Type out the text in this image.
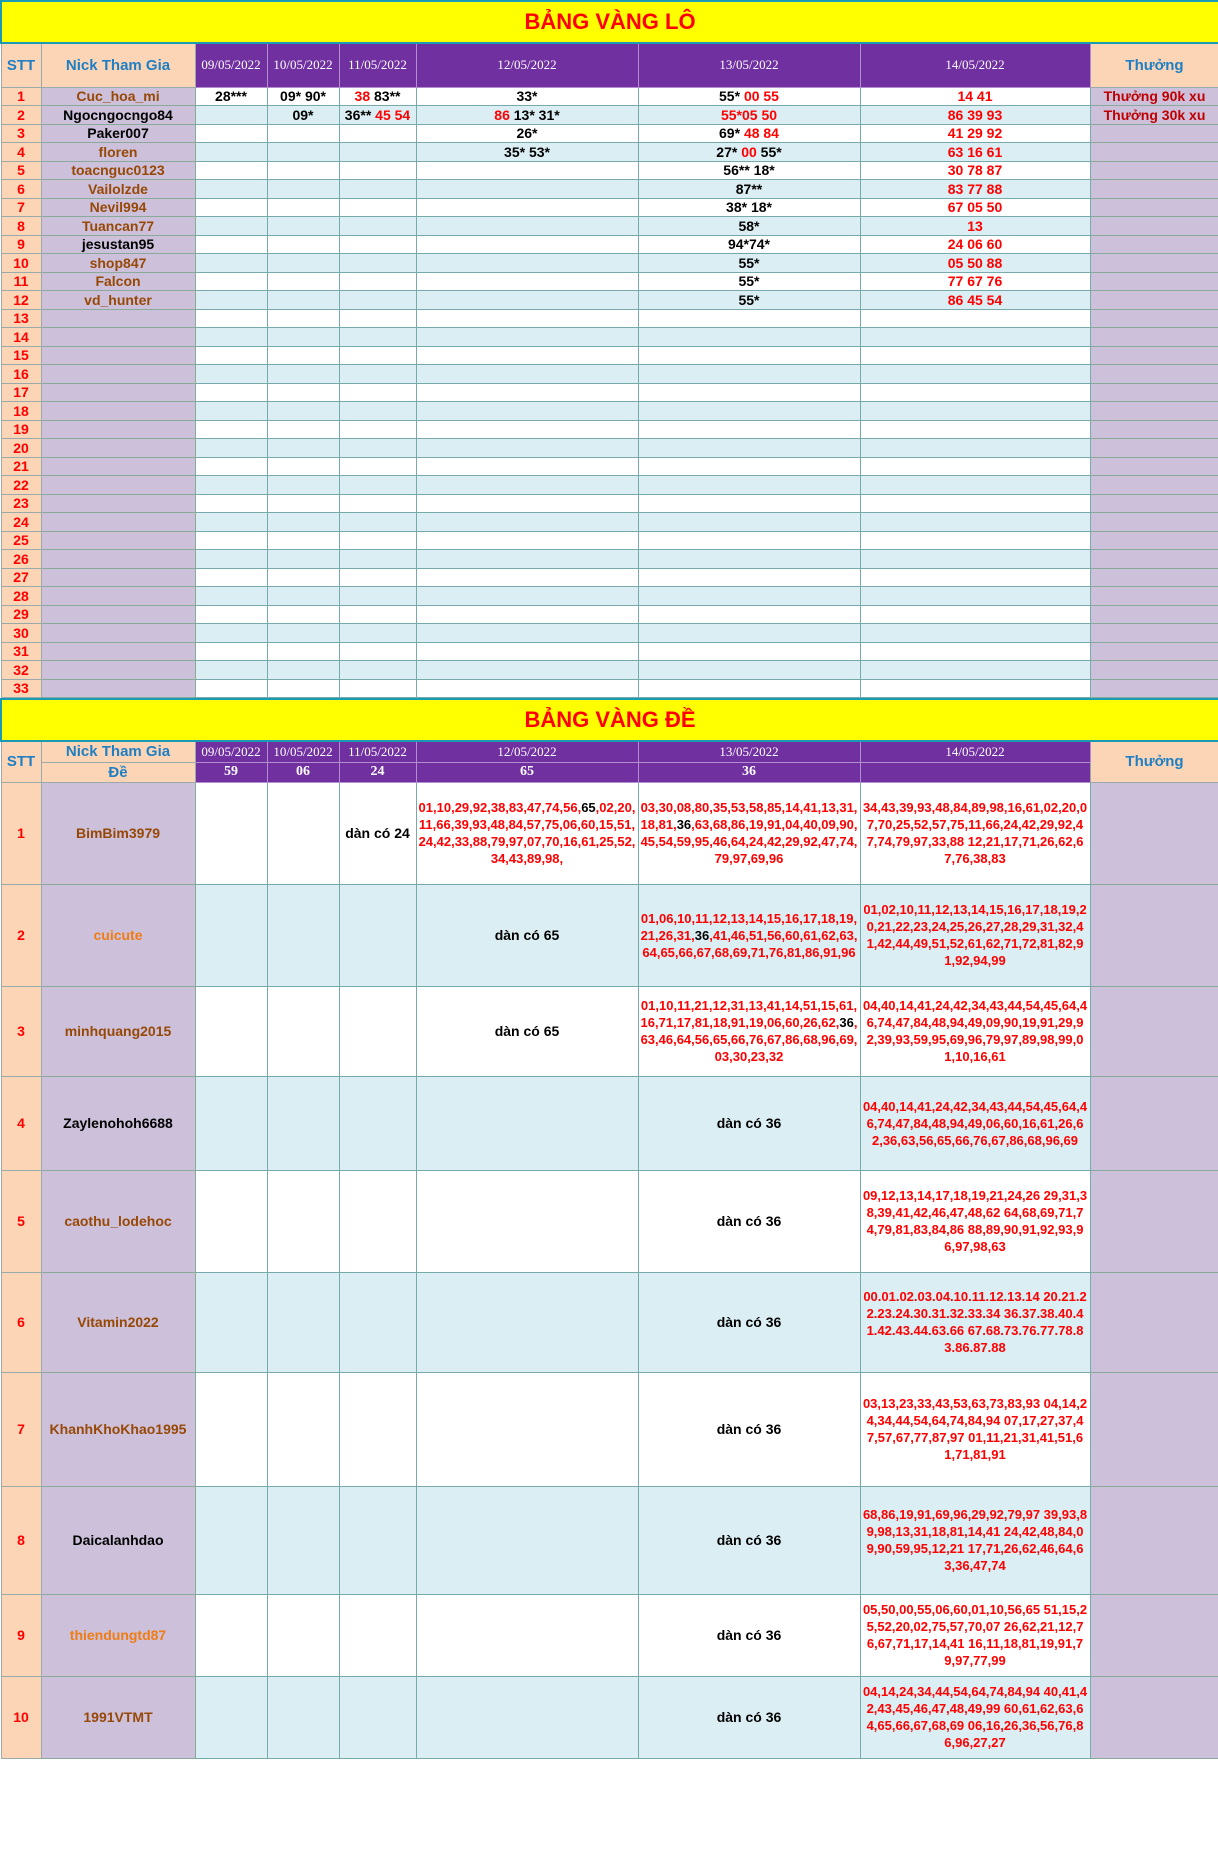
BẢNG VÀNG LÔ								
STT	Nick Tham Gia	09/05/2022	10/05/2022	11/05/2022	12/05/2022	13/05/2022	14/05/2022	Thưởng
1	Cuc_hoa_mi	28***	09* 90*	38 83**	33*	55* 00 55	14 41	Thưởng 90k xu
2	Ngocngocngo84		09*	36** 45 54	86 13* 31*	55*05 50	86 39 93	Thưởng 30k xu
3	Paker007				26*	69* 48 84	41 29 92	
4	floren				35* 53*	27* 00 55*	63 16 61	
5	toacnguc0123					56** 18*	30 78 87	
6	Vailolzde					87**	83 77 88	
7	Nevil994					38* 18*	67 05 50	
8	Tuancan77					58*	13	
9	jesustan95					94*74*	24 06 60	
10	shop847					55*	05 50 88	
11	Falcon					55*	77 67 76	
12	vd_hunter					55*	86 45 54	
13								
14								
15								
16								
17								
18								
19								
20								
21								
22								
23								
24								
25								
26								
27								
28								
29								
30								
31								
32								
33								
BẢNG VÀNG ĐỀ								
STT	Nick Tham Gia	09/05/2022	10/05/2022	11/05/2022	12/05/2022	13/05/2022	14/05/2022	Thưởng
	Đề	59	06	24	65	36		
1	BimBim3979			dàn có 24	01,10,29,92,38,83,47,74,56,65,02,20,11,66,39,93,48,84,57,75,06,60,15,51,24,42,33,88,79,97,07,70,16,61,25,52,34,43,89,98,	03,30,08,80,35,53,58,85,14,41,13,31,18,81,36,63,68,86,19,91,04,40,09,90,45,54,59,95,46,64,24,42,29,92,47,74,79,97,69,96	34,43,39,93,48,84,89,98,16,61,02,20,07,70,25,52,57,75,11,66,24,42,29,92,47,74,79,97,33,88 12,21,17,71,26,62,67,76,38,83	
2	cuicute				dàn có 65	01,06,10,11,12,13,14,15,16,17,18,19,21,26,31,36,41,46,51,56,60,61,62,63,64,65,66,67,68,69,71,76,81,86,91,96	01,02,10,11,12,13,14,15,16,17,18,19,20,21,22,23,24,25,26,27,28,29,31,32,41,42,44,49,51,52,61,62,71,72,81,82,91,92,94,99	
3	minhquang2015				dàn có 65	01,10,11,21,12,31,13,41,14,51,15,61,16,71,17,81,18,91,19,06,60,26,62,36,63,46,64,56,65,66,76,67,86,68,96,69,03,30,23,32	04,40,14,41,24,42,34,43,44,54,45,64,46,74,47,84,48,94,49,09,90,19,91,29,92,39,93,59,95,69,96,79,97,89,98,99,01,10,16,61	
4	Zaylenohoh6688					dàn có 36	04,40,14,41,24,42,34,43,44,54,45,64,46,74,47,84,48,94,49,06,60,16,61,26,62,36,63,56,65,66,76,67,86,68,96,69	
5	caothu_lodehoc					dàn có 36	09,12,13,14,17,18,19,21,24,26 29,31,38,39,41,42,46,47,48,62 64,68,69,71,74,79,81,83,84,86 88,89,90,91,92,93,96,97,98,63	
6	Vitamin2022					dàn có 36	00.01.02.03.04.10.11.12.13.14 20.21.22.23.24.30.31.32.33.34 36.37.38.40.41.42.43.44.63.66 67.68.73.76.77.78.83.86.87.88	
7	KhanhKhoKhao1995					dàn có 36	03,13,23,33,43,53,63,73,83,93 04,14,24,34,44,54,64,74,84,94 07,17,27,37,47,57,67,77,87,97 01,11,21,31,41,51,61,71,81,91	
8	Daicalanhdao					dàn có 36	68,86,19,91,69,96,29,92,79,97 39,93,89,98,13,31,18,81,14,41 24,42,48,84,09,90,59,95,12,21 17,71,26,62,46,64,63,36,47,74	
9	thiendungtd87					dàn có 36	05,50,00,55,06,60,01,10,56,65 51,15,25,52,20,02,75,57,70,07 26,62,21,12,76,67,71,17,14,41 16,11,18,81,19,91,79,97,77,99	
10	1991VTMT					dàn có 36	04,14,24,34,44,54,64,74,84,94 40,41,42,43,45,46,47,48,49,99 60,61,62,63,64,65,66,67,68,69 06,16,26,36,56,76,86,96,27,27	
